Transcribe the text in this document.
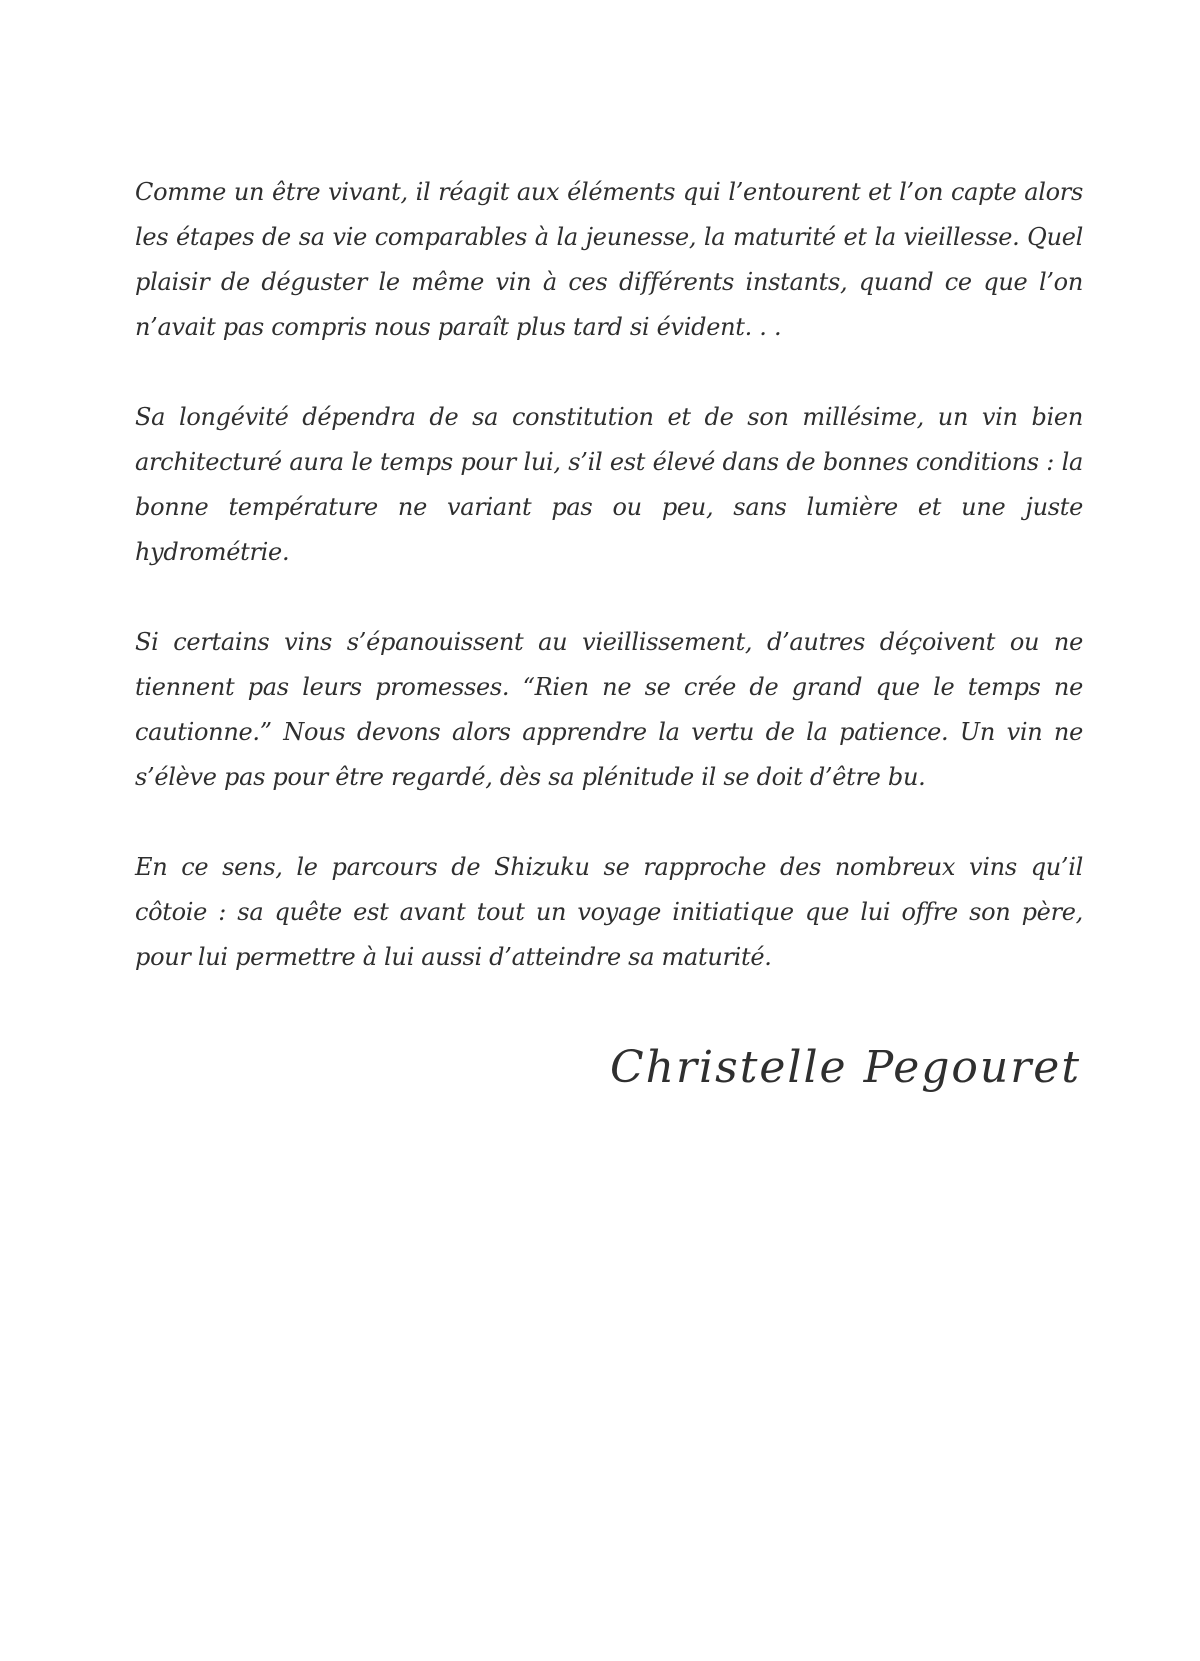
Comme un être vivant, il réagit aux éléments qui l’entourent et l’on capte alors les étapes de sa vie comparables à la jeunesse, la maturité et la vieillesse. Quel plaisir de déguster le même vin à ces différents instants, quand ce que l’on n’avait pas compris nous paraît plus tard si évident. . .

Sa longévité dépendra de sa constitution et de son millésime, un vin bien architecturé aura le temps pour lui, s’il est élevé dans de bonnes conditions : la bonne température ne variant pas ou peu, sans lumière et une juste hydrométrie.

Si certains vins s’épanouissent au vieillissement, d’autres déçoivent ou ne tiennent pas leurs promesses. “Rien ne se crée de grand que le temps ne cautionne.” Nous devons alors apprendre la vertu de la patience. Un vin ne s’élève pas pour être regardé, dès sa plénitude il se doit d’être bu.

En ce sens, le parcours de Shizuku se rapproche des nombreux vins qu’il côtoie : sa quête est avant tout un voyage initiatique que lui offre son père, pour lui permettre à lui aussi d’atteindre sa maturité.

Christelle Pegouret
